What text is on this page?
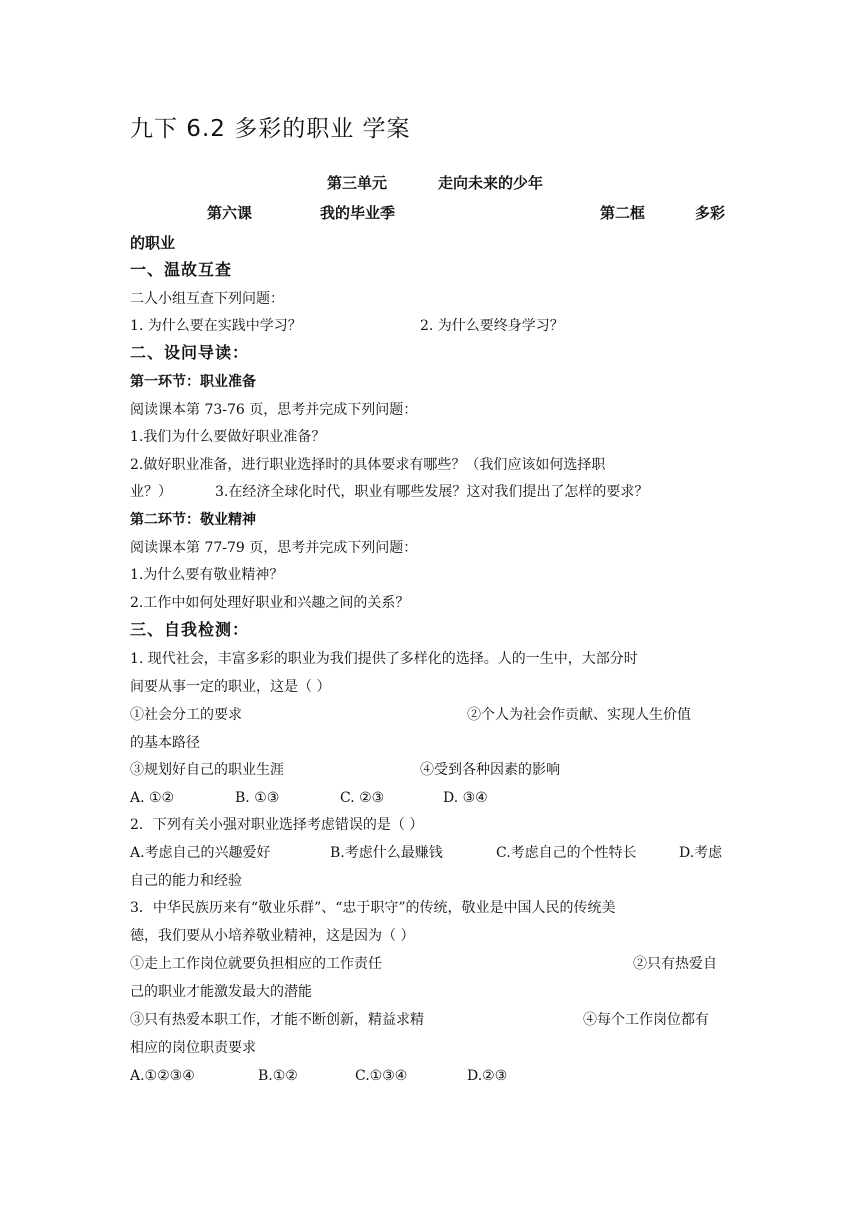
九下 6.2 多彩的职业 学案
第三单元	走向未来的少年
第六课	我的毕业季	第二框	多彩
的职业
一、温故互查
二人小组互查下列问题：
1. 为什么要在实践中学习？	2. 为什么要终身学习？
二、设问导读：
第一环节：职业准备
阅读课本第 73-76 页，思考并完成下列问题：
1.我们为什么要做好职业准备？
2.做好职业准备，进行职业选择时的具体要求有哪些？（我们应该如何选择职
业？）	3.在经济全球化时代，职业有哪些发展？这对我们提出了怎样的要求？
第二环节：敬业精神
阅读课本第 77-79 页，思考并完成下列问题：
1.为什么要有敬业精神？
2.工作中如何处理好职业和兴趣之间的关系？
三、自我检测：
1. 现代社会，丰富多彩的职业为我们提供了多样化的选择。人的一生中，大部分时
间要从事一定的职业，这是（ ）
①社会分工的要求	②个人为社会作贡献、实现人生价值
的基本路径
③规划好自己的职业生涯	④受到各种因素的影响
A. ①②	B. ①③	C. ②③	D. ③④
2．下列有关小强对职业选择考虑错误的是（ ）
A.考虑自己的兴趣爱好	B.考虑什么最赚钱	C.考虑自己的个性特长	D.考虑
自己的能力和经验
3．中华民族历来有“敬业乐群”、“忠于职守”的传统，敬业是中国人民的传统美
德，我们要从小培养敬业精神，这是因为（ ）
①走上工作岗位就要负担相应的工作责任	②只有热爱自
己的职业才能激发最大的潜能
③只有热爱本职工作，才能不断创新，精益求精	④每个工作岗位都有
相应的岗位职责要求
A.①②③④	B.①②	C.①③④	D.②③
